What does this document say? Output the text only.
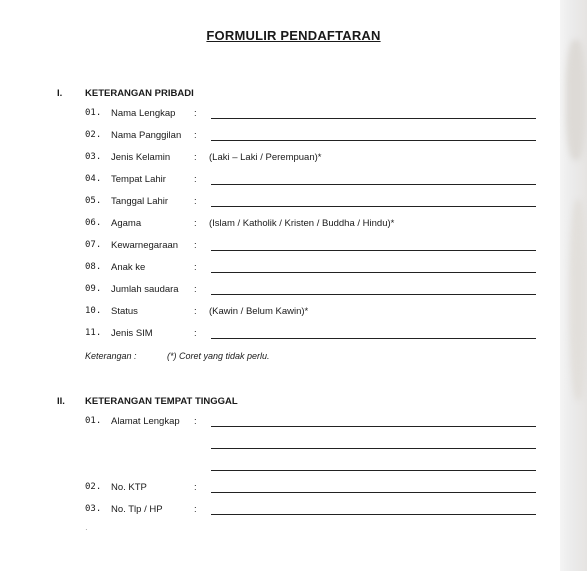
FORMULIR PENDAFTARAN
I. KETERANGAN PRIBADI
01. Nama Lengkap :
02. Nama Panggilan :
03. Jenis Kelamin	: (Laki – Laki / Perempuan)*
04. Tempat Lahir	:
05. Tanggal Lahir	:
06. Agama	: (Islam / Katholik / Kristen / Buddha / Hindu)*
07. Kewarnegaraan :
08. Anak ke	:
09. Jumlah saudara :
10. Status	: (Kawin / Belum Kawin)*
11. Jenis SIM	:
Keterangan :	(*) Coret yang tidak perlu.
II. KETERANGAN TEMPAT TINGGAL
01. Alamat Lengkap :
02. No. KTP	:
03. No. Tlp / HP	:
·
